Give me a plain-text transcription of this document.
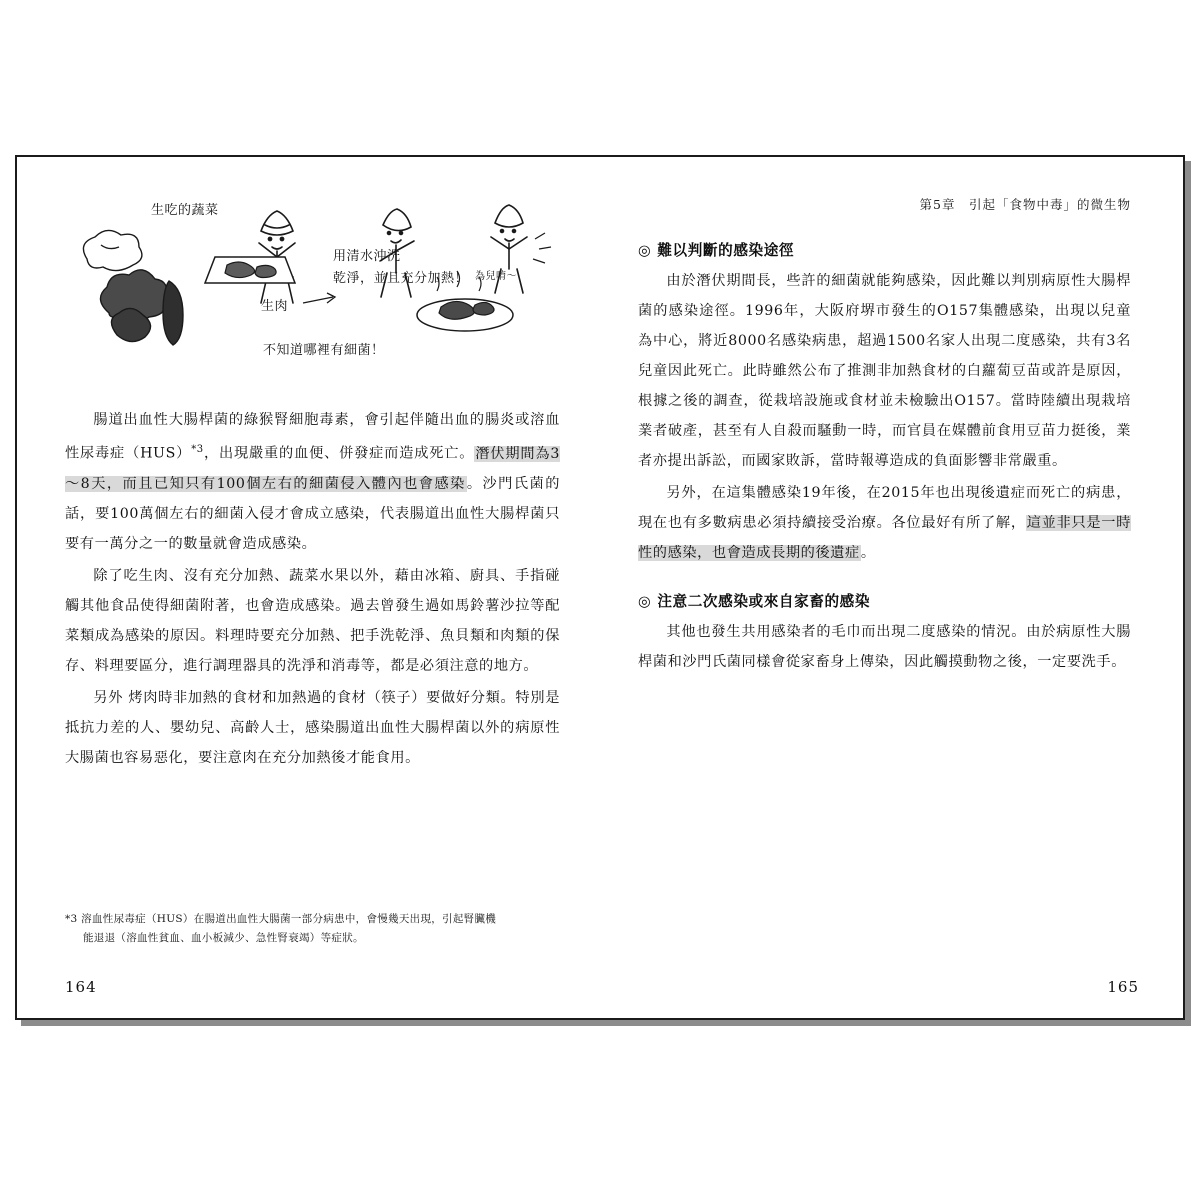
生吃的蔬菜
用清水沖洗
乾淨，並且充分加熱！
生肉
不知道哪裡有細菌！
為兒唷～

腸道出血性大腸桿菌的綠猴腎細胞毒素，會引起伴隨出血的腸炎或溶血性尿毒症（HUS）$^{*3}$，出現嚴重的血便、併發症而造成死亡。潛伏期間為3～8天，而且已知只有100個左右的細菌侵入體內也會感染。沙門氏菌的話，要100萬個左右的細菌入侵才會成立感染，代表腸道出血性大腸桿菌只要有一萬分之一的數量就會造成感染。

除了吃生肉、沒有充分加熱、蔬菜水果以外，藉由冰箱、廚具、手指碰觸其他食品使得細菌附著，也會造成感染。過去曾發生過如馬鈴薯沙拉等配菜類成為感染的原因。料理時要充分加熱、把手洗乾淨、魚貝類和肉類的保存、料理要區分，進行調理器具的洗淨和消毒等，都是必須注意的地方。

另外 烤肉時非加熱的食材和加熱過的食材（筷子）要做好分類。特別是抵抗力差的人、嬰幼兒、高齡人士，感染腸道出血性大腸桿菌以外的病原性大腸菌也容易惡化，要注意肉在充分加熱後才能食用。

*3 溶血性尿毒症（HUS）在腸道出血性大腸菌一部分病患中，會慢幾天出現，引起腎臟機
能退退（溶血性貧血、血小板減少、急性腎衰竭）等症狀。
164
第5章　引起「食物中毒」的微生物
◎ 難以判斷的感染途徑

由於潛伏期間長，些許的細菌就能夠感染，因此難以判別病原性大腸桿菌的感染途徑。1996年，大阪府堺市發生的O157集體感染，出現以兒童為中心，將近8000名感染病患，超過1500名家人出現二度感染，共有3名兒童因此死亡。此時雖然公布了推測非加熱食材的白蘿蔔豆苗或許是原因，根據之後的調查，從栽培設施或食材並未檢驗出O157。當時陸續出現栽培業者破產，甚至有人自殺而騷動一時，而官員在媒體前食用豆苗力挺後，業者亦提出訴訟，而國家敗訴，當時報導造成的負面影響非常嚴重。

另外，在這集體感染19年後，在2015年也出現後遺症而死亡的病患，現在也有多數病患必須持續接受治療。各位最好有所了解，這並非只是一時性的感染，也會造成長期的後遺症。

◎ 注意二次感染或來自家畜的感染

其他也發生共用感染者的毛巾而出現二度感染的情況。由於病原性大腸桿菌和沙門氏菌同樣會從家畜身上傳染，因此觸摸動物之後，一定要洗手。

165
